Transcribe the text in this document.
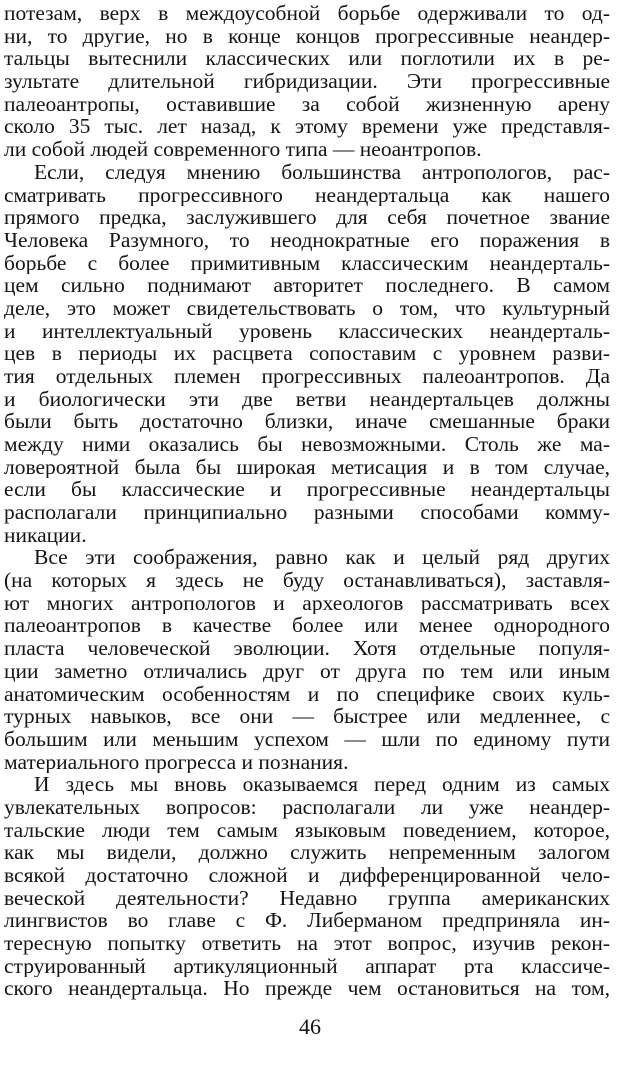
потезам, верх в междоусобной борьбе одерживали то од-
ни, то другие, но в конце концов прогрессивные неандер-
тальцы вытеснили классических или поглотили их в ре-
зультате длительной гибридизации. Эти прогрессивные
палеоантропы, оставившие за собой жизненную арену
сколо 35 тыс. лет назад, к этому времени уже представля-
ли собой людей современного типа — неоантропов.
Если, следуя мнению большинства антропологов, рас-
сматривать прогрессивного неандертальца как нашего
прямого предка, заслужившего для себя почетное звание
Человека Разумного, то неоднократные его поражения в
борьбе с более примитивным классическим неандерталь-
цем сильно поднимают авторитет последнего. В самом
деле, это может свидетельствовать о том, что культурный
и интеллектуальный уровень классических неандерталь-
цев в периоды их расцвета сопоставим с уровнем разви-
тия отдельных племен прогрессивных палеоантропов. Да
и биологически эти две ветви неандертальцев должны
были быть достаточно близки, иначе смешанные браки
между ними оказались бы невозможными. Столь же ма-
ловероятной была бы широкая метисация и в том случае,
если бы классические и прогрессивные неандертальцы
располагали принципиально разными способами комму-
никации.
Все эти соображения, равно как и целый ряд других
(на которых я здесь не буду останавливаться), заставля-
ют многих антропологов и археологов рассматривать всех
палеоантропов в качестве более или менее однородного
пласта человеческой эволюции. Хотя отдельные популя-
ции заметно отличались друг от друга по тем или иным
анатомическим особенностям и по специфике своих куль-
турных навыков, все они — быстрее или медленнее, с
большим или меньшим успехом — шли по единому пути
материального прогресса и познания.
И здесь мы вновь оказываемся перед одним из самых
увлекательных вопросов: располагали ли уже неандер-
тальские люди тем самым языковым поведением, которое,
как мы видели, должно служить непременным залогом
всякой достаточно сложной и дифференцированной чело-
веческой деятельности? Недавно группа американских
лингвистов во главе с Ф. Либерманом предприняла ин-
тересную попытку ответить на этот вопрос, изучив рекон-
струированный артикуляционный аппарат рта классиче-
ского неандертальца. Но прежде чем остановиться на том,
46
